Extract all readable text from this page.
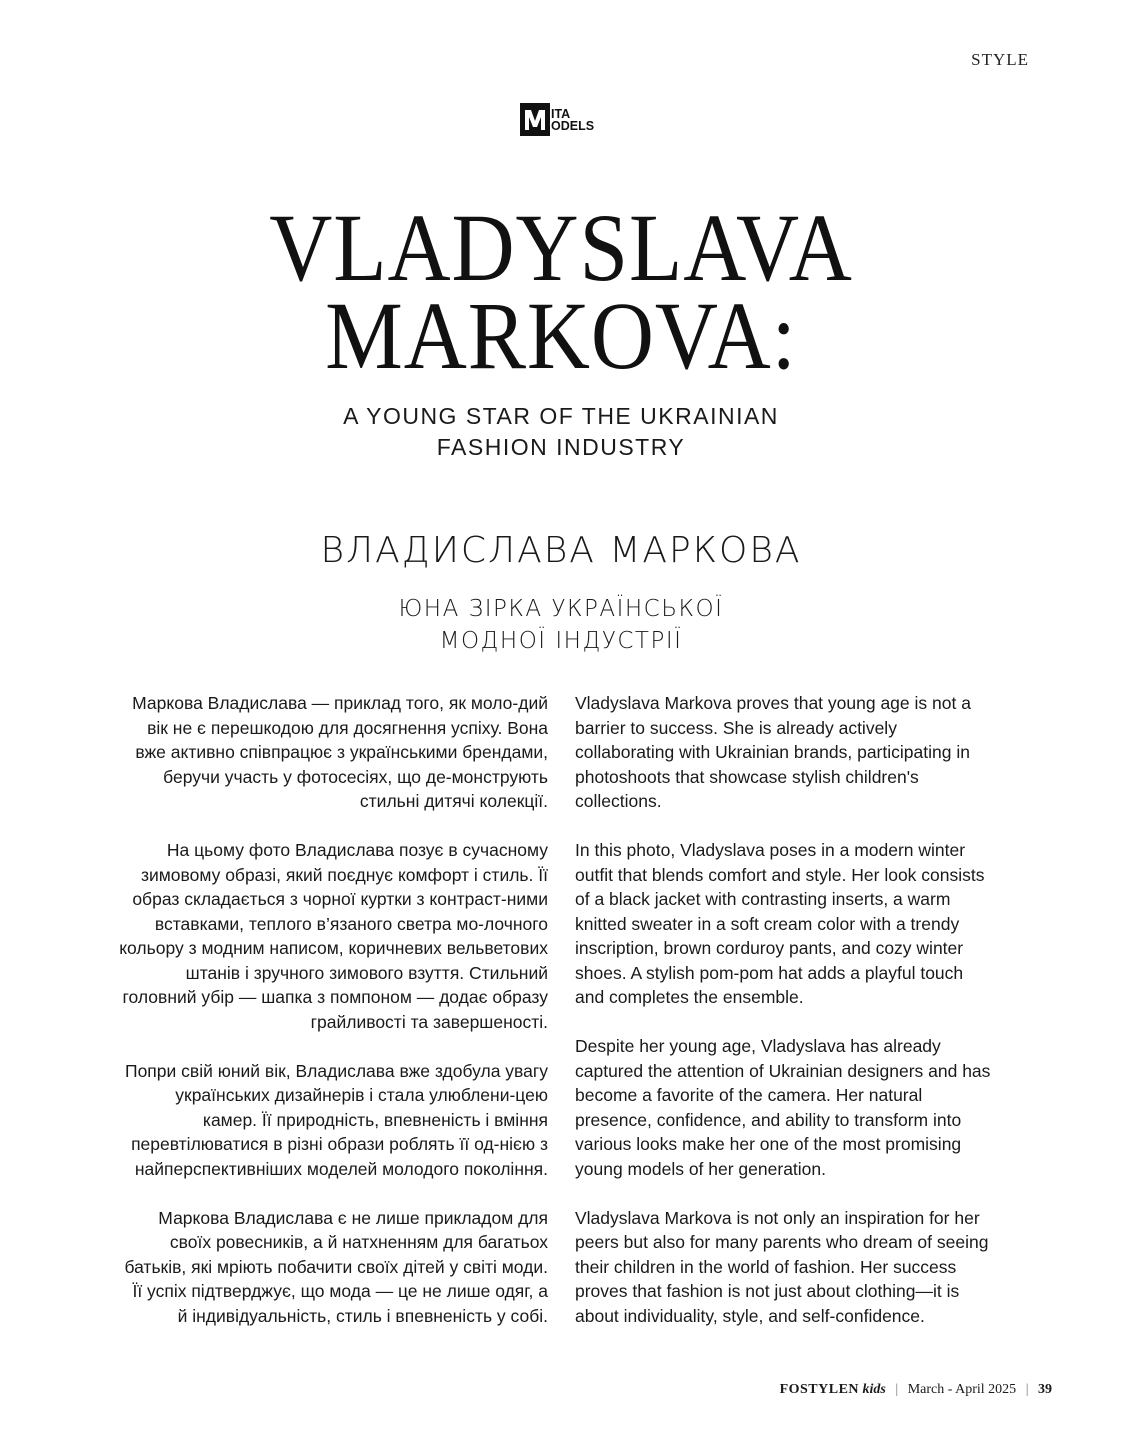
STYLE
ITA
ODELS
VLADYSLAVA
MARKOVA:
A YOUNG STAR OF THE UKRAINIAN
FASHION INDUSTRY
ВЛАДИСЛАВА МАРКОВА
ЮНА ЗІРКА УКРАЇНСЬКОЇ
МОДНОЇ ІНДУСТРІЇ

Маркова Владислава — приклад того, як моло-дий вік не є перешкодою для досягнення успіху. Вона вже активно співпрацює з українськими брендами, беручи участь у фотосесіях, що де-монструють стильні дитячі колекції.

На цьому фото Владислава позує в сучасному зимовому образі, який поєднує комфорт і стиль. Її образ складається з чорної куртки з контраст-ними вставками, теплого в’язаного светра мо-лочного кольору з модним написом, коричневих вельветових штанів і зручного зимового взуття. Стильний головний убір — шапка з помпоном — додає образу грайливості та завершеності.

Попри свій юний вік, Владислава вже здобула увагу українських дизайнерів і стала улюблени-цею камер. Її природність, впевненість і вміння перевтілюватися в різні образи роблять її од-нією з найперспективніших моделей молодого покоління.

Маркова Владислава є не лише прикладом для своїх ровесників, а й натхненням для багатьох батьків, які мріють побачити своїх дітей у світі моди. Її успіх підтверджує, що мода — це не лише одяг, а й індивідуальність, стиль і впевненість у собі.

Vladyslava Markova proves that young age is not a barrier to success. She is already actively collaborating with Ukrainian brands, participating in photoshoots that showcase stylish children's collections.

In this photo, Vladyslava poses in a modern winter outfit that blends comfort and style. Her look consists of a black jacket with contrasting inserts, a warm knitted sweater in a soft cream color with a trendy inscription, brown corduroy pants, and cozy winter shoes. A stylish pom-pom hat adds a playful touch and completes the ensemble.

Despite her young age, Vladyslava has already captured the attention of Ukrainian designers and has become a favorite of the camera. Her natural presence, confidence, and ability to transform into various looks make her one of the most promising young models of her generation.

Vladyslava Markova is not only an inspiration for her peers but also for many parents who dream of seeing their children in the world of fashion. Her success proves that fashion is not just about clothing—it is about individuality, style, and self-confidence.

FOSTYLEN kids | March - April 2025 | 39
